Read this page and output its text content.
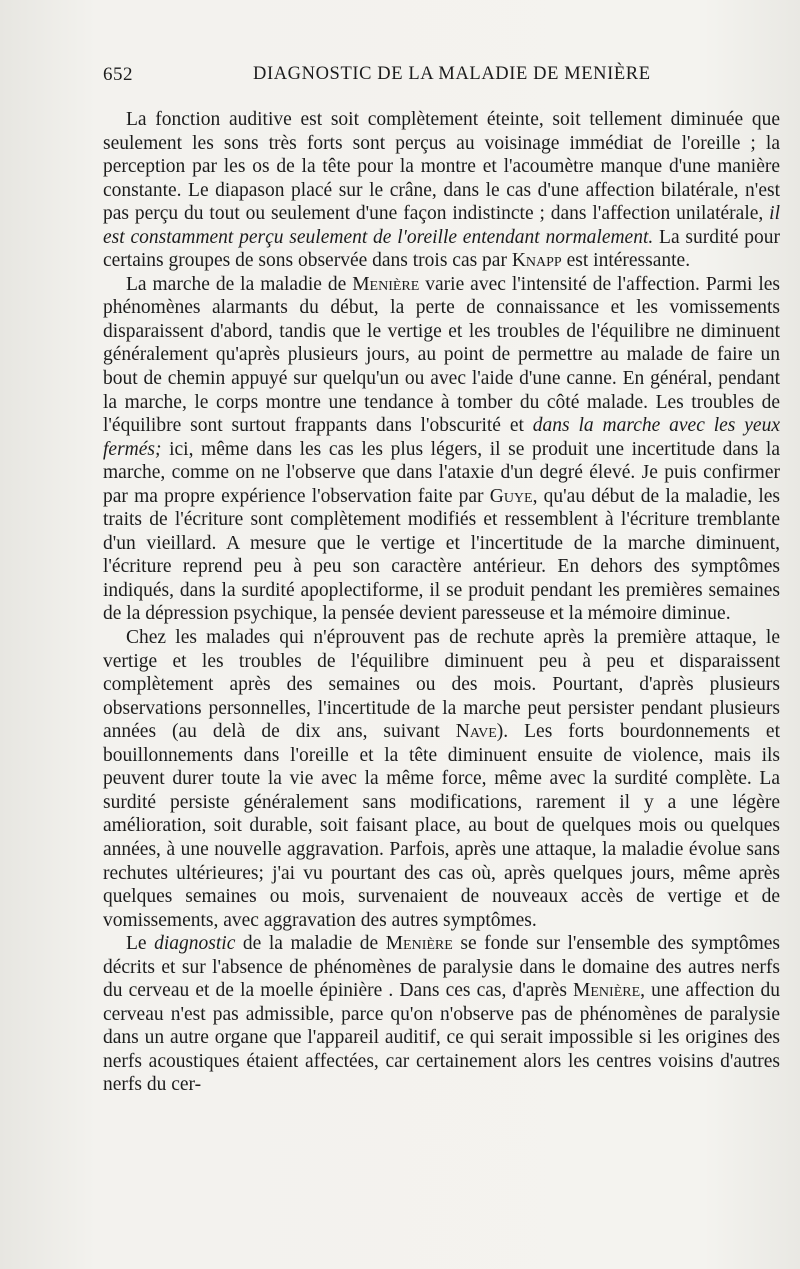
652	DIAGNOSTIC DE LA MALADIE DE MENIÈRE

La fonction auditive est soit complètement éteinte, soit tellement diminuée que seulement les sons très forts sont perçus au voisinage immédiat de l'oreille ; la perception par les os de la tête pour la montre et l'acoumètre manque d'une manière constante. Le diapason placé sur le crâne, dans le cas d'une affection bilatérale, n'est pas perçu du tout ou seulement d'une façon indistincte ; dans l'affection unilatérale, il est constamment perçu seulement de l'oreille entendant normalement. La surdité pour certains groupes de sons observée dans trois cas par Knapp est intéressante.

La marche de la maladie de Menière varie avec l'intensité de l'affection. Parmi les phénomènes alarmants du début, la perte de connaissance et les vomissements disparaissent d'abord, tandis que le vertige et les troubles de l'équilibre ne diminuent généralement qu'après plusieurs jours, au point de permettre au malade de faire un bout de chemin appuyé sur quelqu'un ou avec l'aide d'une canne. En général, pendant la marche, le corps montre une tendance à tomber du côté malade. Les troubles de l'équilibre sont surtout frappants dans l'obscurité et dans la marche avec les yeux fermés; ici, même dans les cas les plus légers, il se produit une incertitude dans la marche, comme on ne l'observe que dans l'ataxie d'un degré élevé. Je puis confirmer par ma propre expérience l'observation faite par Guye, qu'au début de la maladie, les traits de l'écriture sont complètement modifiés et ressemblent à l'écriture tremblante d'un vieillard. A mesure que le vertige et l'incertitude de la marche diminuent, l'écriture reprend peu à peu son caractère antérieur. En dehors des symptômes indiqués, dans la surdité apoplectiforme, il se produit pendant les premières semaines de la dépression psychique, la pensée devient paresseuse et la mémoire diminue.

Chez les malades qui n'éprouvent pas de rechute après la première attaque, le vertige et les troubles de l'équilibre diminuent peu à peu et disparaissent complètement après des semaines ou des mois. Pourtant, d'après plusieurs observations personnelles, l'incertitude de la marche peut persister pendant plusieurs années (au delà de dix ans, suivant Nave). Les forts bourdonnements et bouillonnements dans l'oreille et la tête diminuent ensuite de violence, mais ils peuvent durer toute la vie avec la même force, même avec la surdité complète. La surdité persiste généralement sans modifications, rarement il y a une légère amélioration, soit durable, soit faisant place, au bout de quelques mois ou quelques années, à une nouvelle aggravation. Parfois, après une attaque, la maladie évolue sans rechutes ultérieures; j'ai vu pourtant des cas où, après quelques jours, même après quelques semaines ou mois, survenaient de nouveaux accès de vertige et de vomissements, avec aggravation des autres symptômes.

Le diagnostic de la maladie de Menière se fonde sur l'ensemble des symptômes décrits et sur l'absence de phénomènes de paralysie dans le domaine des autres nerfs du cerveau et de la moelle épinière . Dans ces cas, d'après Menière, une affection du cerveau n'est pas admissible, parce qu'on n'observe pas de phénomènes de paralysie dans un autre organe que l'appareil auditif, ce qui serait impossible si les origines des nerfs acoustiques étaient affectées, car certainement alors les centres voisins d'autres nerfs du cer-
